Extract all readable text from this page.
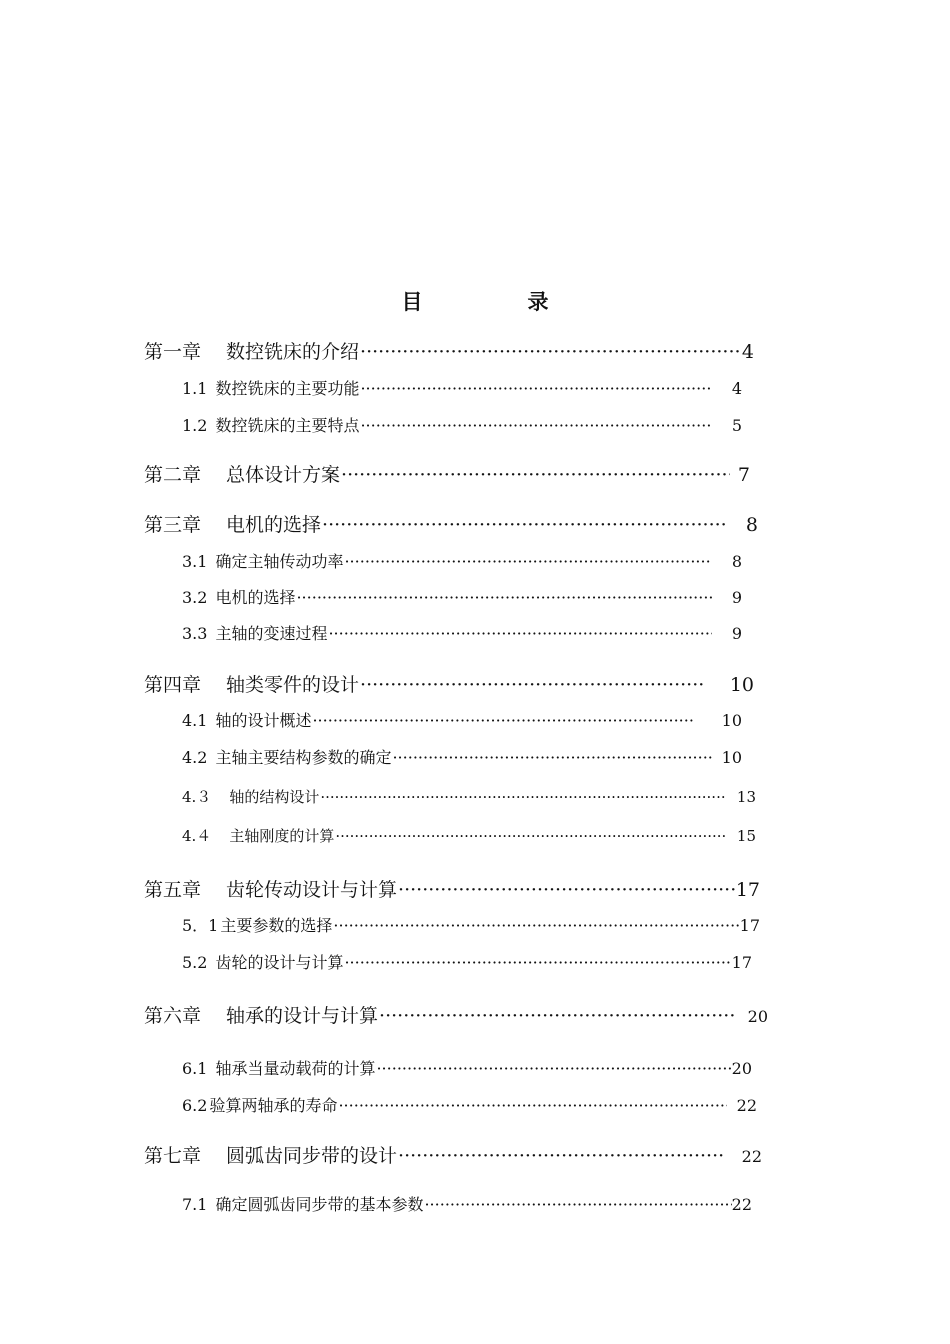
目　录
第一章 数控铣床的介绍 ·····	4
1.1 数控铣床的主要功能 ·····	4
1.2 数控铣床的主要特点 ·····	5
第二章 总体设计方案 ·····	7
第三章 电机的选择 ·····	8
3.1 确定主轴传动功率 ·····	8
3.2 电机的选择 ·····	9
3.3 主轴的变速过程 ·····	9
第四章 轴类零件的设计 ·····	10
4.1 轴的设计概述 ·····	10
4.2 主轴主要结构参数的确定 ·····	10
4.３ 轴的结构设计 ·····	13
4.４ 主轴刚度的计算 ·····	15
第五章 齿轮传动设计与计算 ·····	17
5．1 主要参数的选择 ·····	17
5.2 齿轮的设计与计算 ·····	17
第六章 轴承的设计与计算 ·····	20
6.1 轴承当量动载荷的计算 ·····	20
6.2 验算两轴承的寿命 ·····	22
第七章 圆弧齿同步带的设计 ·····	22
7.1 确定圆弧齿同步带的基本参数 ·····	22
